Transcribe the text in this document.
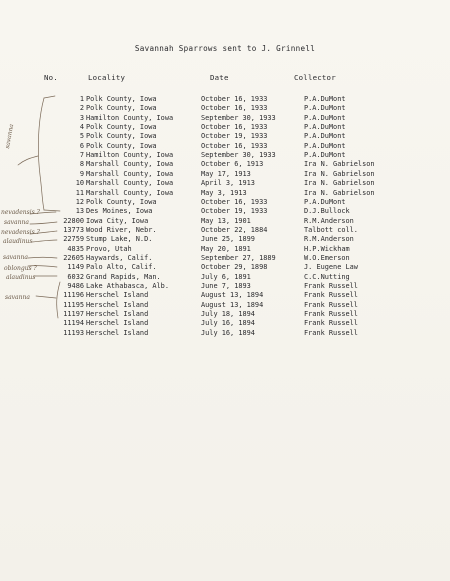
Savannah Sparrows sent to J. Grinnell
No.	Locality	Date	Collector
1 Polk County, Iowa	October 16, 1933	P.A.DuMont
2 Polk County, Iowa	October 16, 1933	P.A.DuMont
3 Hamilton County, Iowa	September 30, 1933	P.A.DuMont
4 Polk County, Iowa	October 16, 1933	P.A.DuMont
5 Polk County, Iowa	October 19, 1933	P.A.DuMont
6 Polk County, Iowa	October 16, 1933	P.A.DuMont
7 Hamilton County, Iowa	September 30, 1933	P.A.DuMont
8 Marshall County, Iowa	October 6, 1913	Ira N. Gabrielson
9 Marshall County, Iowa	May 17, 1913	Ira N. Gabrielson
10 Marshall County, Iowa	April 3, 1913	Ira N. Gabrielson
11 Marshall County, Iowa	May 3, 1913	Ira N. Gabrielson
12 Polk County, Iowa	October 16, 1933	P.A.DuMont
13 Des Moines, Iowa	October 19, 1933	D.J.Bullock
22800 Iowa City, Iowa	May 13, 1901	R.M.Anderson
13773 Wood River, Nebr.	October 22, 1884	Talbott coll.
22759 Stump Lake, N.D.	June 25, 1899	R.M.Anderson
4835 Provo, Utah	May 20, 1891	H.P.Wickham
22605 Haywards, Calif.	September 27, 1889	W.O.Emerson
1149 Palo Alto, Calif.	October 29, 1898	J. Eugene Law
6032 Grand Rapids, Man.	July 6, 1891	C.C.Nutting
9486 Lake Athabasca, Alb.	June 7, 1893	Frank Russell
11196 Herschel Island	August 13, 1894	Frank Russell
11195 Herschel Island	August 13, 1894	Frank Russell
11197 Herschel Island	July 18, 1894	Frank Russell
11194 Herschel Island	July 16, 1894	Frank Russell
11193 Herschel Island	July 16, 1894	Frank Russell
savanna
nevadensis ?
savanna
nevadensis ?
alaudinus
savanna
oblongus ?
alaudinus
savanna
